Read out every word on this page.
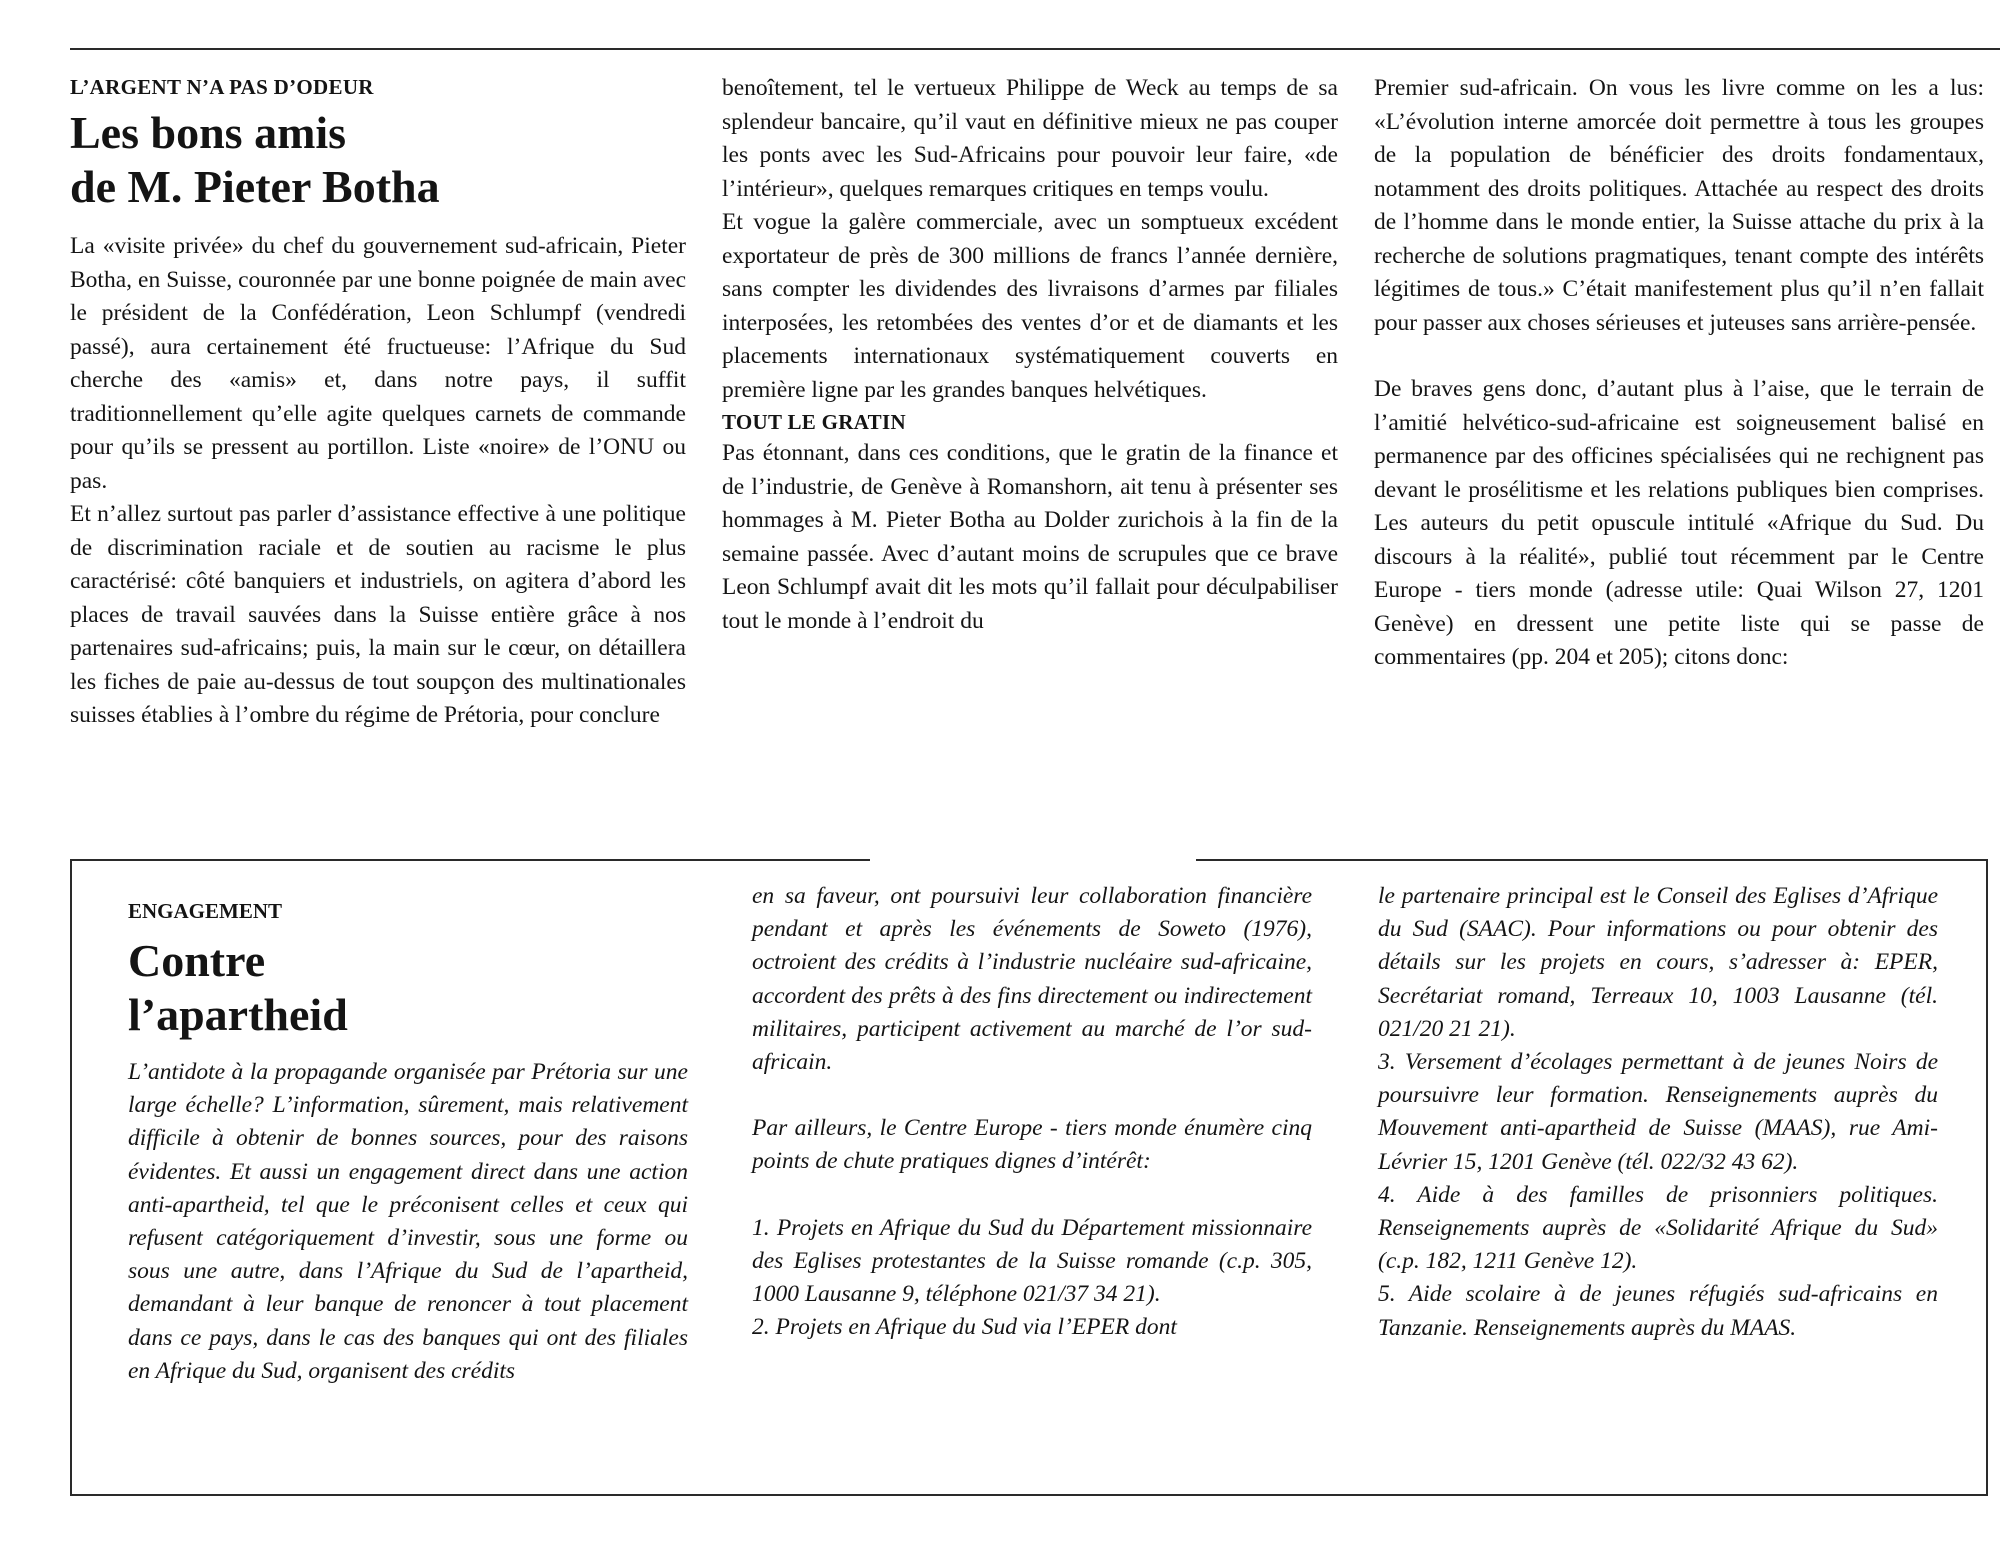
L’ARGENT N’A PAS D’ODEUR

Les bons amis
de M. Pieter Botha

La «visite privée» du chef du gouvernement sud-africain, Pieter Botha, en Suisse, couronnée par une bonne poignée de main avec le président de la Confédération, Leon Schlumpf (vendredi passé), aura certainement été fructueuse: l’Afrique du Sud cherche des «amis» et, dans notre pays, il suffit traditionnellement qu’elle agite quelques carnets de commande pour qu’ils se pressent au portillon. Liste «noire» de l’ONU ou pas.

Et n’allez surtout pas parler d’assistance effective à une politique de discrimination raciale et de soutien au racisme le plus caractérisé: côté banquiers et industriels, on agitera d’abord les places de travail sauvées dans la Suisse entière grâce à nos partenaires sud-africains; puis, la main sur le cœur, on détaillera les fiches de paie au-dessus de tout soupçon des multinationales suisses établies à l’ombre du régime de Prétoria, pour conclure

benoîtement, tel le vertueux Philippe de Weck au temps de sa splendeur bancaire, qu’il vaut en définitive mieux ne pas couper les ponts avec les Sud-Africains pour pouvoir leur faire, «de l’intérieur», quelques remarques critiques en temps voulu.

Et vogue la galère commerciale, avec un somptueux excédent exportateur de près de 300 millions de francs l’année dernière, sans compter les dividendes des livraisons d’armes par filiales interposées, les retombées des ventes d’or et de diamants et les placements internationaux systématiquement couverts en première ligne par les grandes banques helvétiques.

TOUT LE GRATIN

Pas étonnant, dans ces conditions, que le gratin de la finance et de l’industrie, de Genève à Romanshorn, ait tenu à présenter ses hommages à M. Pieter Botha au Dolder zurichois à la fin de la semaine passée. Avec d’autant moins de scrupules que ce brave Leon Schlumpf avait dit les mots qu’il fallait pour déculpabiliser tout le monde à l’endroit du

Premier sud-africain. On vous les livre comme on les a lus: «L’évolution interne amorcée doit permettre à tous les groupes de la population de bénéficier des droits fondamentaux, notamment des droits politiques. Attachée au respect des droits de l’homme dans le monde entier, la Suisse attache du prix à la recherche de solutions pragmatiques, tenant compte des intérêts légitimes de tous.» C’était manifestement plus qu’il n’en fallait pour passer aux choses sérieuses et juteuses sans arrière-pensée.

De braves gens donc, d’autant plus à l’aise, que le terrain de l’amitié helvético-sud-africaine est soigneusement balisé en permanence par des officines spécialisées qui ne rechignent pas devant le prosélitisme et les relations publiques bien comprises. Les auteurs du petit opuscule intitulé «Afrique du Sud. Du discours à la réalité», publié tout récemment par le Centre Europe - tiers monde (adresse utile: Quai Wilson 27, 1201 Genève) en dressent une petite liste qui se passe de commentaires (pp. 204 et 205); citons donc:

ENGAGEMENT

Contre
l’apartheid

L’antidote à la propagande organisée par Prétoria sur une large échelle? L’information, sûrement, mais relativement difficile à obtenir de bonnes sources, pour des raisons évidentes. Et aussi un engagement direct dans une action anti-apartheid, tel que le préconisent celles et ceux qui refusent catégoriquement d’investir, sous une forme ou sous une autre, dans l’Afrique du Sud de l’apartheid, demandant à leur banque de renoncer à tout placement dans ce pays, dans le cas des banques qui ont des filiales en Afrique du Sud, organisent des crédits

en sa faveur, ont poursuivi leur collaboration financière pendant et après les événements de Soweto (1976), octroient des crédits à l’industrie nucléaire sud-africaine, accordent des prêts à des fins directement ou indirectement militaires, participent activement au marché de l’or sud-africain.

Par ailleurs, le Centre Europe - tiers monde énumère cinq points de chute pratiques dignes d’intérêt:

1. Projets en Afrique du Sud du Département missionnaire des Eglises protestantes de la Suisse romande (c.p. 305, 1000 Lausanne 9, téléphone 021/37 34 21).

2. Projets en Afrique du Sud via l’EPER dont

le partenaire principal est le Conseil des Eglises d’Afrique du Sud (SAAC). Pour informations ou pour obtenir des détails sur les projets en cours, s’adresser à: EPER, Secrétariat romand, Terreaux 10, 1003 Lausanne (tél. 021/20 21 21).

3. Versement d’écolages permettant à de jeunes Noirs de poursuivre leur formation. Renseignements auprès du Mouvement anti-apartheid de Suisse (MAAS), rue Ami-Lévrier 15, 1201 Genève (tél. 022/32 43 62).

4. Aide à des familles de prisonniers politiques. Renseignements auprès de «Solidarité Afrique du Sud» (c.p. 182, 1211 Genève 12).

5. Aide scolaire à de jeunes réfugiés sud-africains en Tanzanie. Renseignements auprès du MAAS.
